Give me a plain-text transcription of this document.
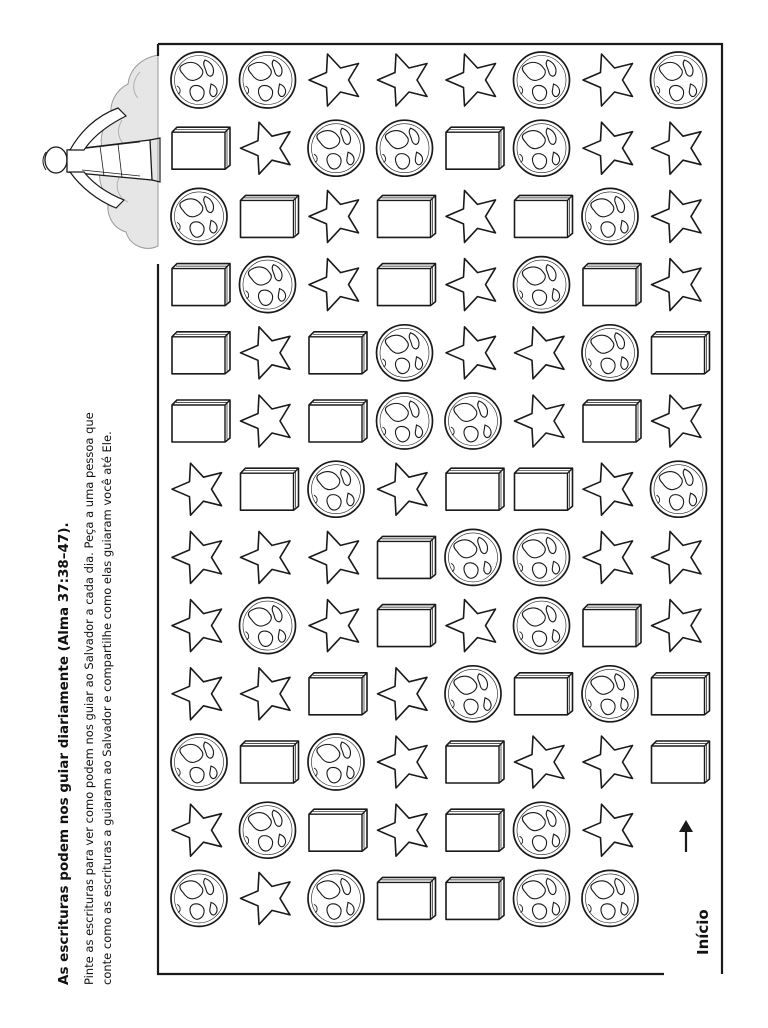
As escrituras podem nos guiar diariamente (Alma 37:38–47). Pinte as escrituras para ver como podem nos guiar ao Salvador a cada dia. Peça a uma pessoa que conte como as escrituras a guiaram ao Salvador e compartilhe como elas guiaram você até Ele.	Início
